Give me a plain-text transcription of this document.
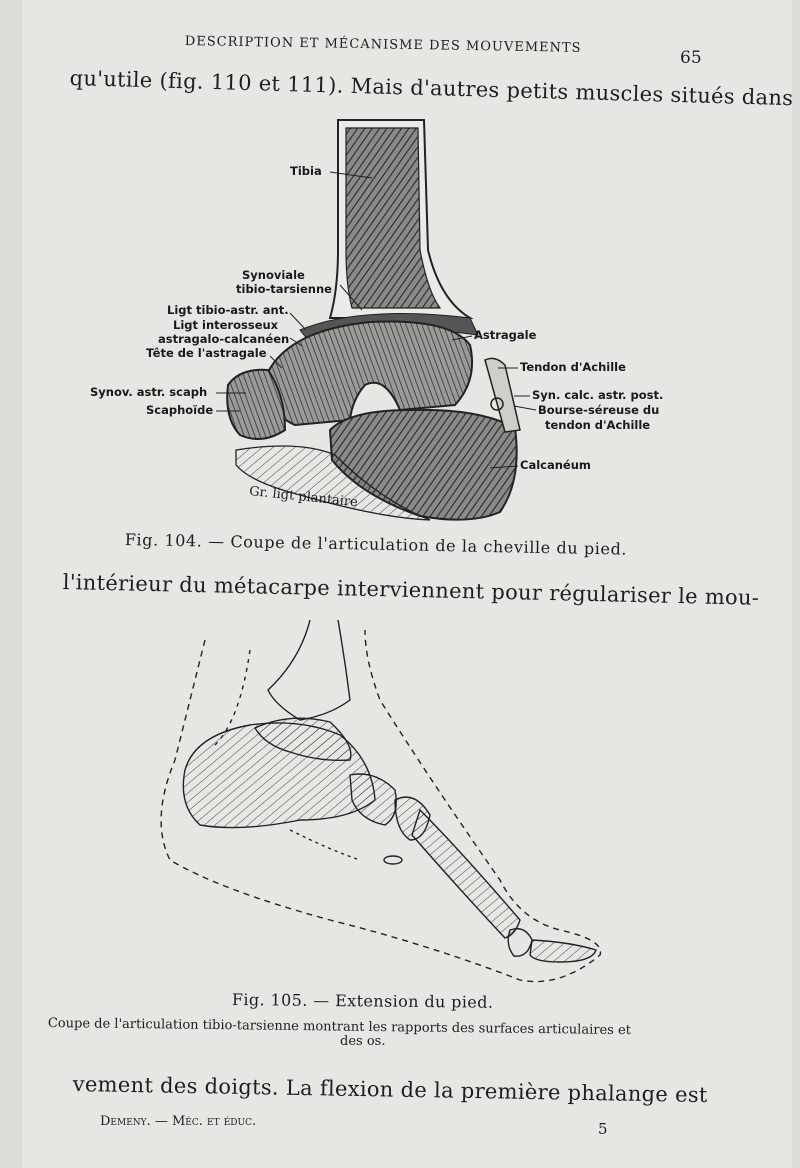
DESCRIPTION ET MÉCANISME DES MOUVEMENTS
65
qu'utile (fig. 110 et 111). Mais d'autres petits muscles situés dans
Tibia
Synoviale
tibio-tarsienne
Ligt tibio-astr. ant.
Ligt interosseux
astragalo-calcanéen
Tête de l'astragale
Synov. astr. scaph
Scaphoïde
Astragale
Tendon d'Achille
Syn. calc. astr. post.
Bourse-séreuse du
tendon d'Achille
Calcanéum
Gr. ligt plantaire
Fig. 104. — Coupe de l'articulation de la cheville du pied.
l'intérieur du métacarpe interviennent pour régulariser le mou-
Fig. 105. — Extension du pied.
Coupe de l'articulation tibio-tarsienne montrant les rapports des surfaces articulaires et
des os.
vement des doigts. La flexion de la première phalange est
Demeny. — Méc. et éduc.	5
